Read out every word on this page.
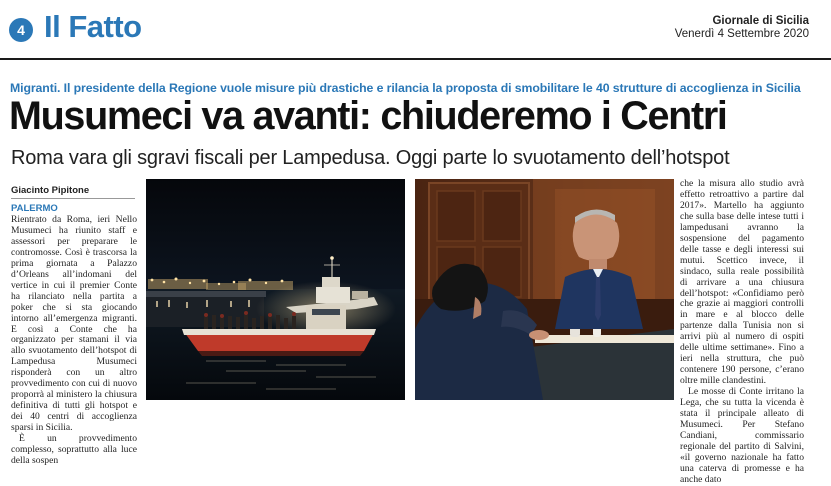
4 Il Fatto	Giornale di Sicilia
Venerdì 4 Settembre 2020
Migranti. Il presidente della Regione vuole misure più drastiche e rilancia la proposta di smobilitare le 40 strutture di accoglienza in Sicilia
Musumeci va avanti: chiuderemo i Centri
Roma vara gli sgravi fiscali per Lampedusa. Oggi parte lo svuotamento dell’hotspot
Giacinto Pipitone
PALERMO

Rientrato da Roma, ieri Nello Musumeci ha riunito staff e assessori per preparare le contromosse. Così è trascorsa la prima giornata a Palazzo d’Orleans all’indomani del vertice in cui il premier Conte ha rilanciato nella partita a poker che si sta giocando intorno all’emergenza migranti. E così a Conte che ha organizzato per stamani il via allo svuotamento dell’hotspot di Lampedusa Musumeci risponderà con un altro provvedimento con cui di nuovo proporrà al ministero la chiusura definitiva di tutti gli hotspot e dei 40 centri di accoglienza sparsi in Sicilia.

È un provvedimento complesso, soprattutto alla luce della sospen

che la misura allo studio avrà effetto retroattivo a partire dal 2017». Martello ha aggiunto che sulla base delle intese tutti i lampedusani avranno la sospensione del pagamento delle tasse e degli interessi sui mutui. Scettico invece, il sindaco, sulla reale possibilità di arrivare a una chiusura dell’hotspot: «Confidiamo però che grazie ai maggiori controlli in mare e al blocco delle partenze dalla Tunisia non si arrivi più al numero di ospiti delle ultime settimane». Fino a ieri nella struttura, che può contenere 190 persone, c’erano oltre mille clandestini.

Le mosse di Conte irritano la Lega, che su tutta la vicenda è stata il principale alleato di Musumeci. Per Stefano Candiani, commissario regionale del partito di Salvini, «il governo nazionale ha fatto una caterva di promesse e ha anche dato
